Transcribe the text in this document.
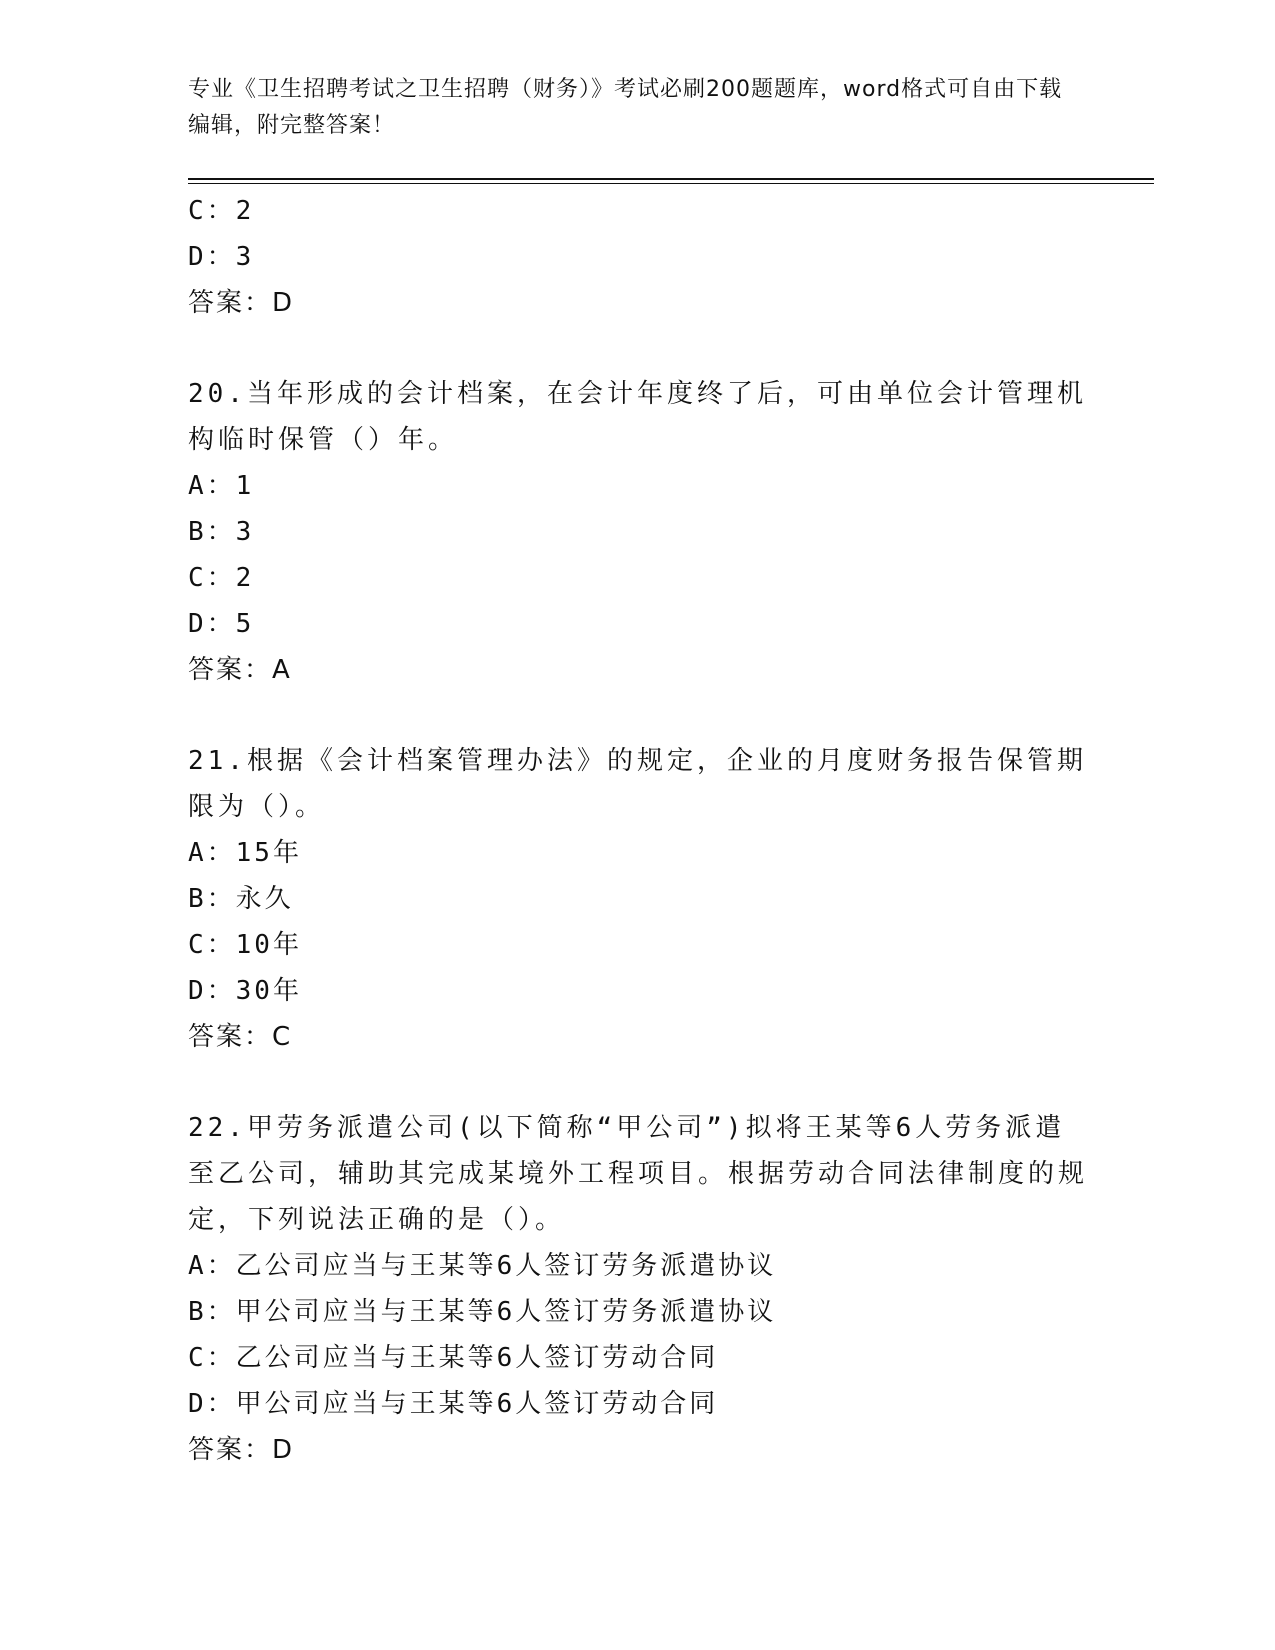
专业《卫生招聘考试之卫生招聘（财务）》考试必刷200题题库，word格式可自由下载编辑，附完整答案！
C：2
D：3
答案：D
20.当年形成的会计档案，在会计年度终了后，可由单位会计管理机构临时保管（）年。
A：1
B：3
C：2
D：5
答案：A
21.根据《会计档案管理办法》的规定，企业的月度财务报告保管期限为（）。
A：15年
B：永久
C：10年
D：30年
答案：C
22.甲劳务派遣公司(以下简称“甲公司”)拟将王某等6人劳务派遣至乙公司，辅助其完成某境外工程项目。根据劳动合同法律制度的规定，下列说法正确的是（）。
A：乙公司应当与王某等6人签订劳务派遣协议
B：甲公司应当与王某等6人签订劳务派遣协议
C：乙公司应当与王某等6人签订劳动合同
D：甲公司应当与王某等6人签订劳动合同
答案：D
